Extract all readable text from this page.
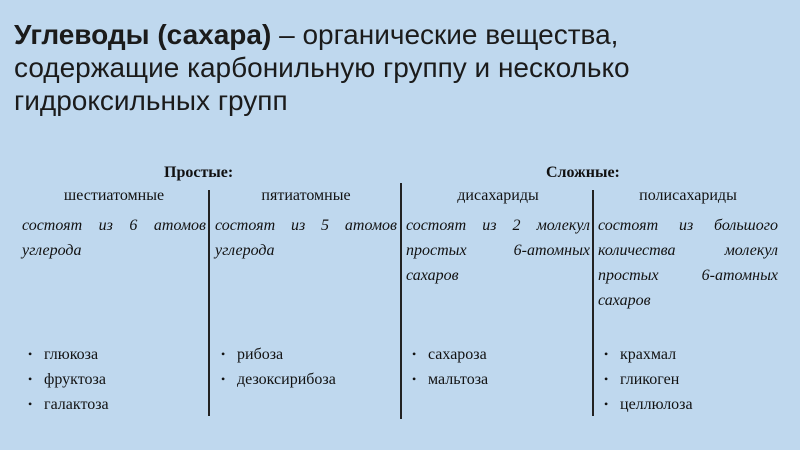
Углеводы (сахара) – органические вещества, содержащие карбонильную группу и несколько гидроксильных групп
Простые:	Сложные:
шестиатомные
состоят из 6 атомов углерода
• глюкоза
• фруктоза
• галактоза
пятиатомные
состоят из 5 атомов углерода
• рибоза
• дезоксирибоза
дисахариды
состоят из 2 молекул простых 6-атомных сахаров
• сахароза
• мальтоза
полисахариды
состоят из большого количества молекул простых 6-атомных сахаров
• крахмал
• гликоген
• целлюлоза
